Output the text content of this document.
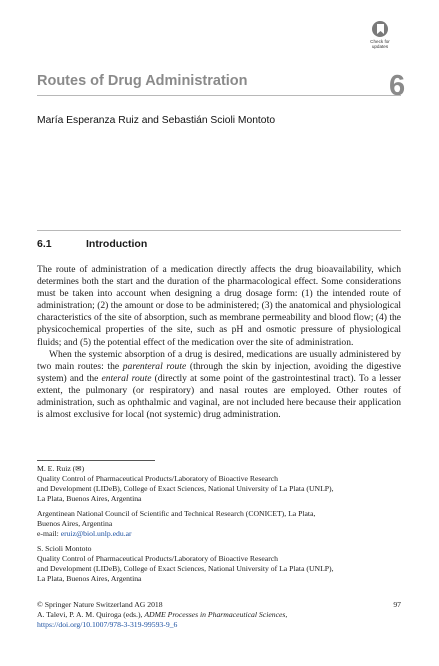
Check for
updates
Routes of Drug Administration	6
María Esperanza Ruiz and Sebastián Scioli Montoto
6.1	Introduction

The route of administration of a medication directly affects the drug bioavailability, which determines both the start and the duration of the pharmacological effect. Some considerations must be taken into account when designing a drug dosage form: (1) the intended route of administration; (2) the amount or dose to be administered; (3) the anatomical and physiological characteristics of the site of absorption, such as membrane permeability and blood flow; (4) the physicochemical properties of the site, such as pH and osmotic pressure of physiological fluids; and (5) the potential effect of the medication over the site of administration.

When the systemic absorption of a drug is desired, medications are usually administered by two main routes: the parenteral route (through the skin by injection, avoiding the digestive system) and the enteral route (directly at some point of the gastrointestinal tract). To a lesser extent, the pulmonary (or respiratory) and nasal routes are employed. Other routes of administration, such as ophthalmic and vaginal, are not included here because their application is almost exclusive for local (not systemic) drug administration.

M. E. Ruiz (✉)
Quality Control of Pharmaceutical Products/Laboratory of Bioactive Research
and Development (LIDeB), College of Exact Sciences, National University of La Plata (UNLP),
La Plata, Buenos Aires, Argentina
Argentinean National Council of Scientific and Technical Research (CONICET), La Plata,
Buenos Aires, Argentina
e-mail: eruiz@biol.unlp.edu.ar
S. Scioli Montoto
Quality Control of Pharmaceutical Products/Laboratory of Bioactive Research
and Development (LIDeB), College of Exact Sciences, National University of La Plata (UNLP),
La Plata, Buenos Aires, Argentina
© Springer Nature Switzerland AG 2018	97
A. Talevi, P. A. M. Quiroga (eds.), ADME Processes in Pharmaceutical Sciences,
https://doi.org/10.1007/978-3-319-99593-9_6
